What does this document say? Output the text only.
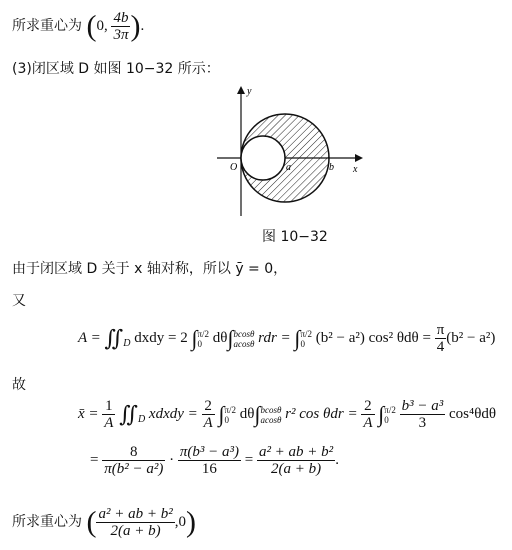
所求重心为 (0, $\frac{4b}{3\pi}$ ).
(3)闭区域 D 如图 10−32 所示：
y
x
O	a	b
图 10−32
由于闭区域 D 关于 x 轴对称，所以 ȳ = 0，
又
$A = ∬_D$ dxdy = 2 ∫π/2
0 dθ∫bcosθ
acosθ rdr = ∫π/2
0 (b² − a²) cos² $\theta d\theta = \frac{\pi}{4} (b^2 - a^2)$
故
x̄ = $\frac{1}{A}$ $∬_D$ xdxdy = $\frac{2}{A} \int\pi/2$
0 dθ∫bcosθ
acosθ r² $\cos \theta dr = \frac{2}{A} \int\pi/2$
$0 \frac{\text{b³ − a³}}{3} \cos^4\theta d\theta$
= $\frac{8}{\text{π(b² − a²)}} \cdot \frac{\text{π(b³ − a³)}}{16} = \frac{\text{a² + ab + b²}}{2(a + b)}$ .
所求重心为 ( $\frac{\text{a² + ab + b²}}{2(a + b)} ,0$)
